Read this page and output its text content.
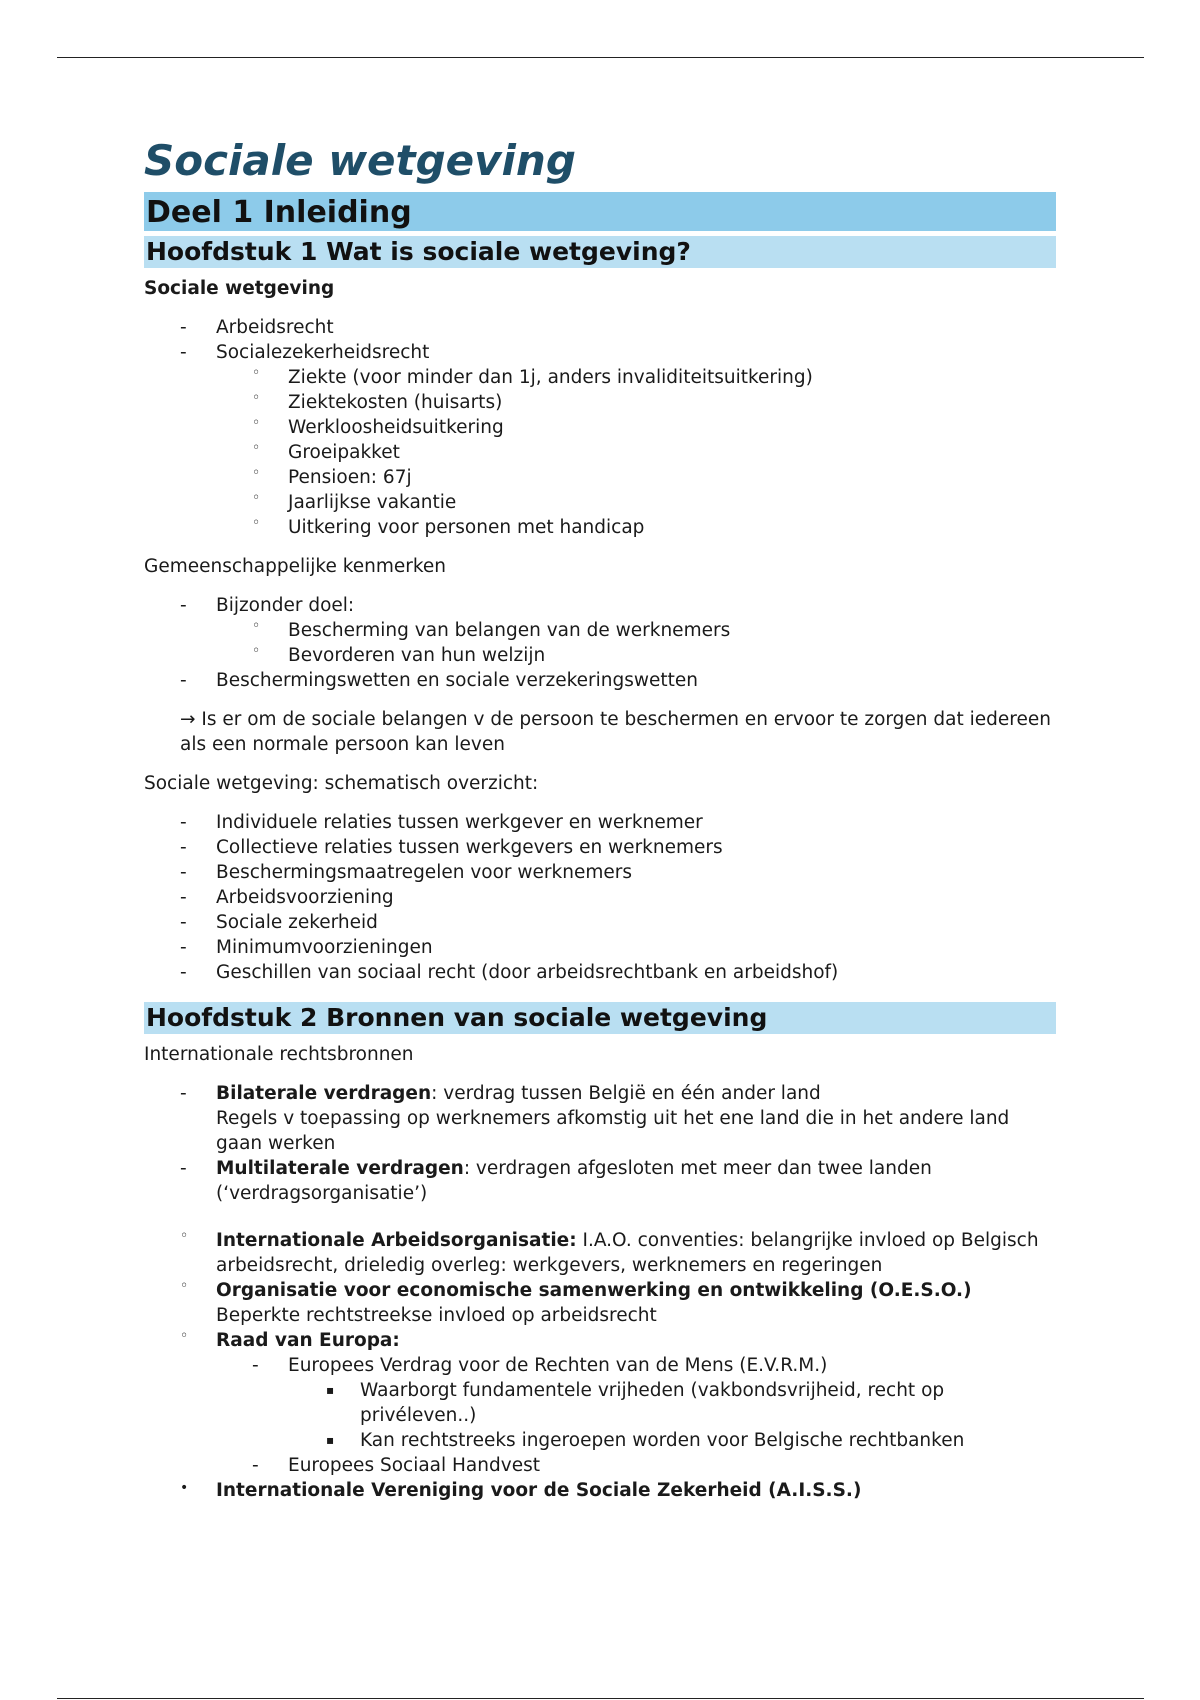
Sociale wetgeving
Deel 1 Inleiding
Hoofdstuk 1 Wat is sociale wetgeving?
Sociale wetgeving
- Arbeidsrecht
- Socialezekerheidsrecht
◦ Ziekte (voor minder dan 1j, anders invaliditeitsuitkering)
◦ Ziektekosten (huisarts)
◦ Werkloosheidsuitkering
◦ Groeipakket
◦ Pensioen: 67j
◦ Jaarlijkse vakantie
◦ Uitkering voor personen met handicap
Gemeenschappelijke kenmerken
- Bijzonder doel:
◦ Bescherming van belangen van de werknemers
◦ Bevorderen van hun welzijn
- Beschermingswetten en sociale verzekeringswetten
→ Is er om de sociale belangen v de persoon te beschermen en ervoor te zorgen dat iedereen als een normale persoon kan leven
Sociale wetgeving: schematisch overzicht:
- Individuele relaties tussen werkgever en werknemer
- Collectieve relaties tussen werkgevers en werknemers
- Beschermingsmaatregelen voor werknemers
- Arbeidsvoorziening
- Sociale zekerheid
- Minimumvoorzieningen
- Geschillen van sociaal recht (door arbeidsrechtbank en arbeidshof)
Hoofdstuk 2 Bronnen van sociale wetgeving
Internationale rechtsbronnen
- Bilaterale verdragen: verdrag tussen België en één ander land
Regels v toepassing op werknemers afkomstig uit het ene land die in het andere land gaan werken
- Multilaterale verdragen: verdragen afgesloten met meer dan twee landen (‘verdragsorganisatie’)
◦ Internationale Arbeidsorganisatie: I.A.O. conventies: belangrijke invloed op Belgisch arbeidsrecht, drieledig overleg: werkgevers, werknemers en regeringen
◦ Organisatie voor economische samenwerking en ontwikkeling (O.E.S.O.)
Beperkte rechtstreekse invloed op arbeidsrecht
◦ Raad van Europa:
- Europees Verdrag voor de Rechten van de Mens (E.V.R.M.)
▪ Waarborgt fundamentele vrijheden (vakbondsvrijheid, recht op privéleven..)
▪ Kan rechtstreeks ingeroepen worden voor Belgische rechtbanken
- Europees Sociaal Handvest
• Internationale Vereniging voor de Sociale Zekerheid (A.I.S.S.)
